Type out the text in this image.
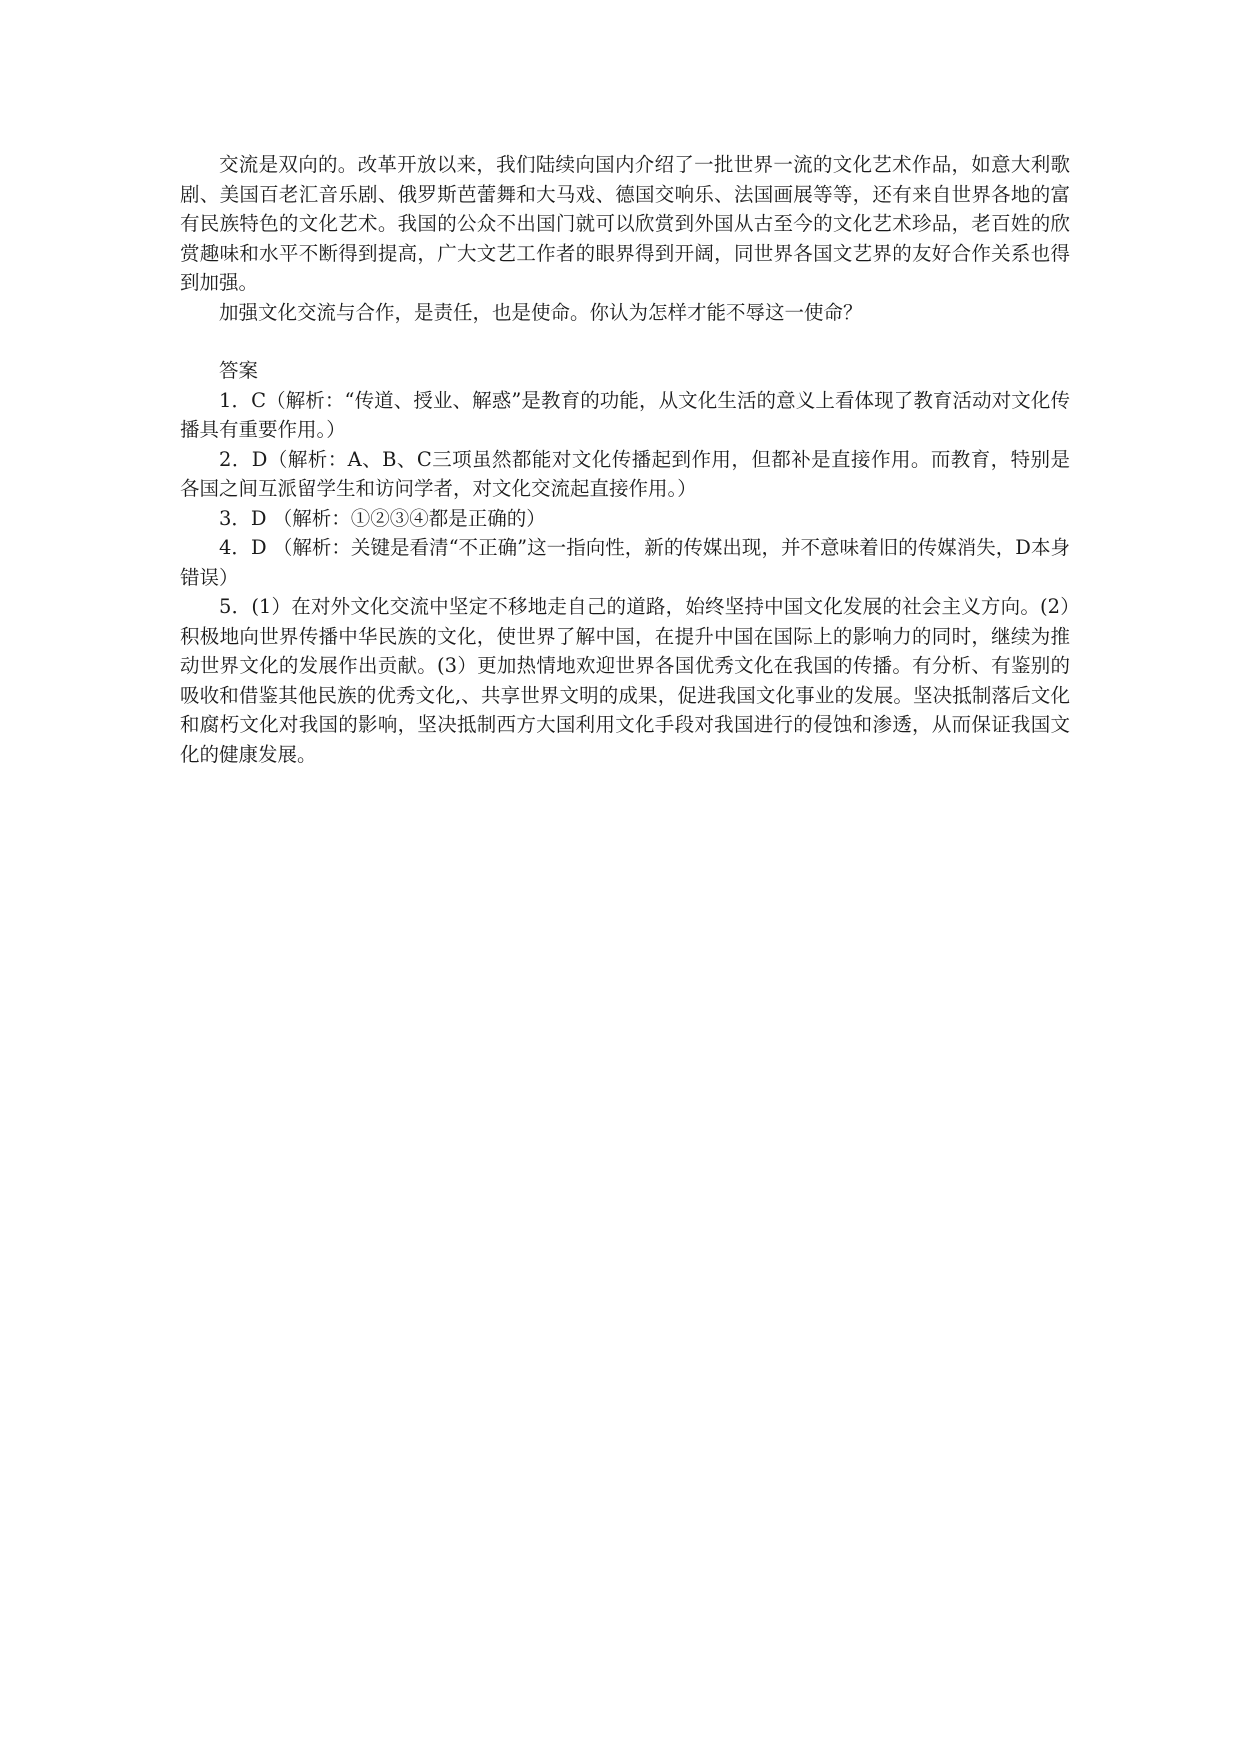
交流是双向的。改革开放以来，我们陆续向国内介绍了一批世界一流的文化艺术作品，如意大利歌剧、美国百老汇音乐剧、俄罗斯芭蕾舞和大马戏、德国交响乐、法国画展等等，还有来自世界各地的富有民族特色的文化艺术。我国的公众不出国门就可以欣赏到外国从古至今的文化艺术珍品，老百姓的欣赏趣味和水平不断得到提高，广大文艺工作者的眼界得到开阔，同世界各国文艺界的友好合作关系也得到加强。

加强文化交流与合作，是责任，也是使命。你认为怎样才能不辱这一使命？

答案

1．C（解析：“传道、授业、解惑”是教育的功能，从文化生活的意义上看体现了教育活动对文化传播具有重要作用。）

2．D（解析：A、B、C三项虽然都能对文化传播起到作用，但都补是直接作用。而教育，特别是各国之间互派留学生和访问学者，对文化交流起直接作用。）

3．D （解析：①②③④都是正确的）

4．D （解析：关键是看清“不正确”这一指向性，新的传媒出现，并不意味着旧的传媒消失，D本身错误）

5．(1）在对外文化交流中坚定不移地走自己的道路，始终坚持中国文化发展的社会主义方向。(2）积极地向世界传播中华民族的文化，使世界了解中国，在提升中国在国际上的影响力的同时，继续为推动世界文化的发展作出贡献。(3）更加热情地欢迎世界各国优秀文化在我国的传播。有分析、有鉴别的吸收和借鉴其他民族的优秀文化,、共享世界文明的成果，促进我国文化事业的发展。坚决抵制落后文化和腐朽文化对我国的影响，坚决抵制西方大国利用文化手段对我国进行的侵蚀和渗透，从而保证我国文化的健康发展。
